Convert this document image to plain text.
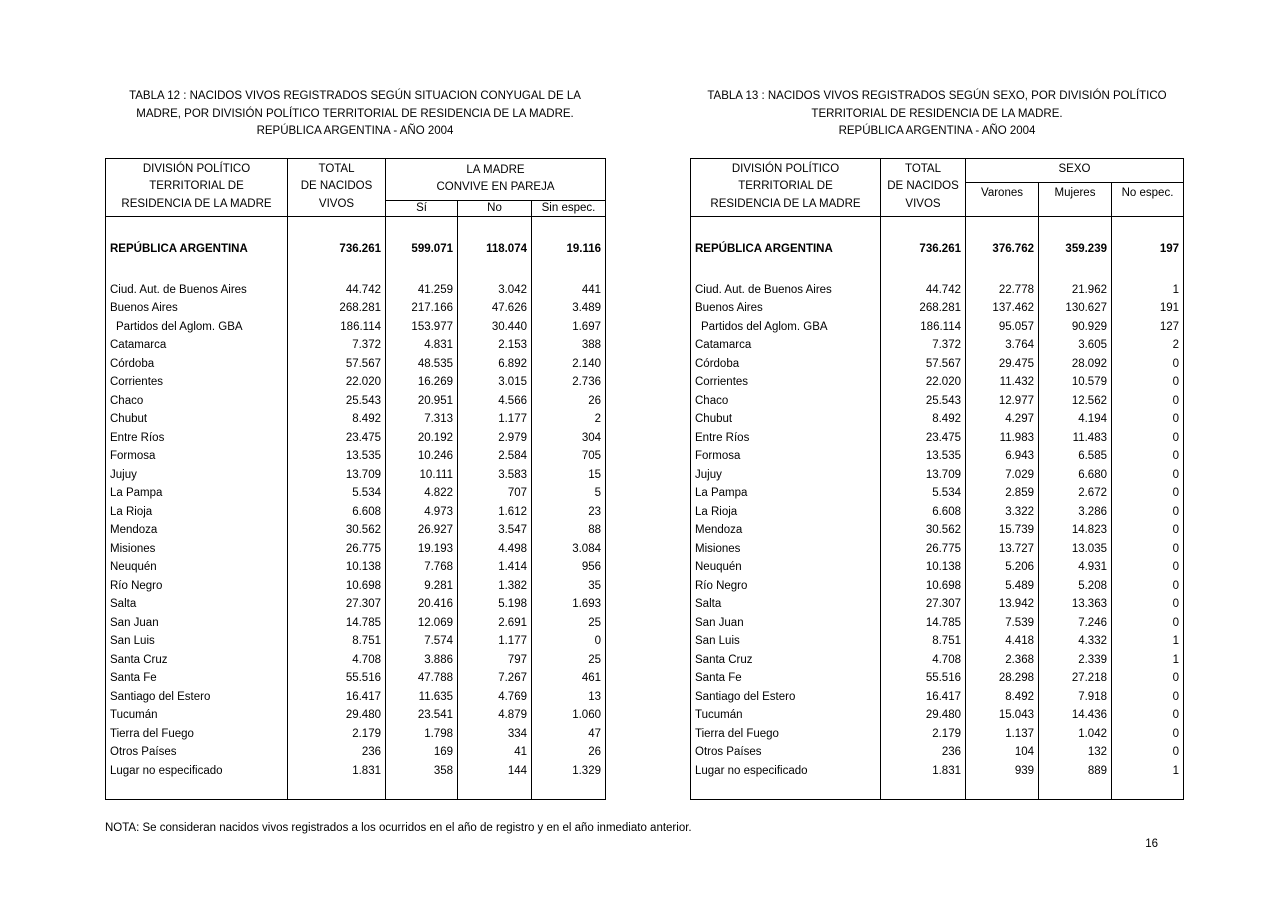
TABLA 12 : NACIDOS VIVOS REGISTRADOS SEGÚN SITUACION CONYUGAL DE LA
MADRE, POR DIVISIÓN POLÍTICO TERRITORIAL DE RESIDENCIA DE LA MADRE.
REPÚBLICA ARGENTINA - AÑO 2004
DIVISIÓN POLÍTICO
TERRITORIAL DE
RESIDENCIA DE LA MADRE

TOTAL
DE NACIDOS
VIVOS

LA MADRE
CONVIVE EN PAREJA

		Sí	No	Sin espec.
REPÚBLICA ARGENTINA	736.261	599.071	118.074	19.116
Ciud. Aut. de Buenos Aires	44.742	41.259	3.042	441
Buenos Aires	268.281	217.166	47.626	3.489
Partidos del Aglom. GBA	186.114	153.977	30.440	1.697
Catamarca	7.372	4.831	2.153	388
Córdoba	57.567	48.535	6.892	2.140
Corrientes	22.020	16.269	3.015	2.736
Chaco	25.543	20.951	4.566	26
Chubut	8.492	7.313	1.177	2
Entre Ríos	23.475	20.192	2.979	304
Formosa	13.535	10.246	2.584	705
Jujuy	13.709	10.111	3.583	15
La Pampa	5.534	4.822	707	5
La Rioja	6.608	4.973	1.612	23
Mendoza	30.562	26.927	3.547	88
Misiones	26.775	19.193	4.498	3.084
Neuquén	10.138	7.768	1.414	956
Río Negro	10.698	9.281	1.382	35
Salta	27.307	20.416	5.198	1.693
San Juan	14.785	12.069	2.691	25
San Luis	8.751	7.574	1.177	0
Santa Cruz	4.708	3.886	797	25
Santa Fe	55.516	47.788	7.267	461
Santiago del Estero	16.417	11.635	4.769	13
Tucumán	29.480	23.541	4.879	1.060
Tierra del Fuego	2.179	1.798	334	47
Otros Países	236	169	41	26
Lugar no especificado	1.831	358	144	1.329

TABLA 13 : NACIDOS VIVOS REGISTRADOS SEGÚN SEXO, POR DIVISIÓN POLÍTICO
TERRITORIAL DE RESIDENCIA DE LA MADRE.
REPÚBLICA ARGENTINA - AÑO 2004
DIVISIÓN POLÍTICO
TERRITORIAL DE
RESIDENCIA DE LA MADRE

TOTAL
DE NACIDOS
VIVOS

SEXO

		Varones	Mujeres	No espec.
REPÚBLICA ARGENTINA	736.261	376.762	359.239	197
Ciud. Aut. de Buenos Aires	44.742	22.778	21.962	1
Buenos Aires	268.281	137.462	130.627	191
Partidos del Aglom. GBA	186.114	95.057	90.929	127
Catamarca	7.372	3.764	3.605	2
Córdoba	57.567	29.475	28.092	0
Corrientes	22.020	11.432	10.579	0
Chaco	25.543	12.977	12.562	0
Chubut	8.492	4.297	4.194	0
Entre Ríos	23.475	11.983	11.483	0
Formosa	13.535	6.943	6.585	0
Jujuy	13.709	7.029	6.680	0
La Pampa	5.534	2.859	2.672	0
La Rioja	6.608	3.322	3.286	0
Mendoza	30.562	15.739	14.823	0
Misiones	26.775	13.727	13.035	0
Neuquén	10.138	5.206	4.931	0
Río Negro	10.698	5.489	5.208	0
Salta	27.307	13.942	13.363	0
San Juan	14.785	7.539	7.246	0
San Luis	8.751	4.418	4.332	1
Santa Cruz	4.708	2.368	2.339	1
Santa Fe	55.516	28.298	27.218	0
Santiago del Estero	16.417	8.492	7.918	0
Tucumán	29.480	15.043	14.436	0
Tierra del Fuego	2.179	1.137	1.042	0
Otros Países	236	104	132	0
Lugar no especificado	1.831	939	889	1

NOTA: Se consideran nacidos vivos registrados a los ocurridos en el año de registro y en el año inmediato anterior.
16
